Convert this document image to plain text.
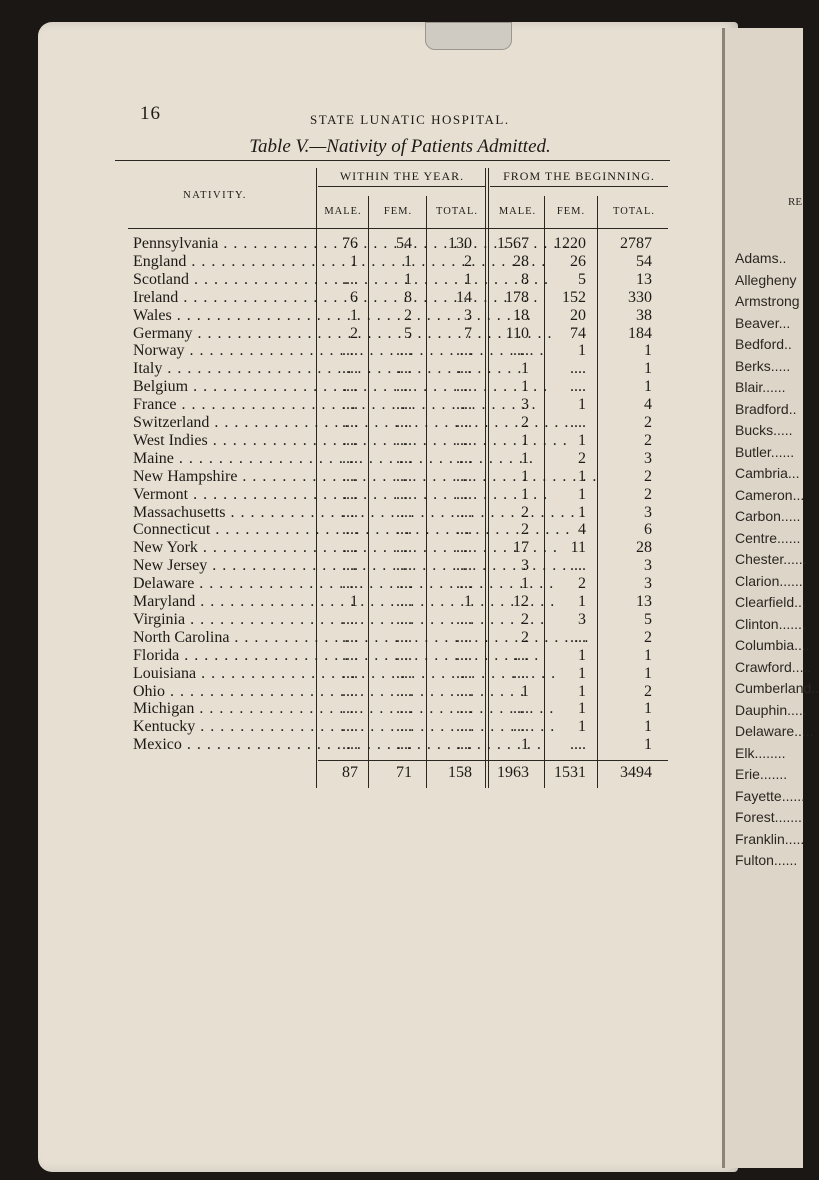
16	STATE LUNATIC HOSPITAL.
Table V.—Nativity of Patients Admitted.
WITHIN THE YEAR.	FROM THE BEGINNING.
NATIVITY.
MALE.	FEM.	TOTAL.	MALE.	FEM.	TOTAL.
Pennsylvania . . .	76	54	130	1567	1220	2787
England . . .	1	1	2	28	26	54
Scotland . . .	....	1	1	8	5	13
Ireland . . .	6	8	14	178	152	330
Wales . . .	1	2	3	18	20	38
Germany . . .	2	5	7	110	74	184
Norway . . .	....	....	....	....	1	1
Italy . . .	....	....	....	1	....	1
Belgium . . .	....	....	....	1	....	1
France . . .	....	....	....	3	1	4
Switzerland . . .	....	....	....	2	....	2
West Indies . . .	....	....	....	1	1	2
Maine . . .	....	....	....	1	2	3
New Hampshire . . .	....	....	....	1	1	2
Vermont . . .	....	....	....	1	1	2
Massachusetts . . .	....	....	....	2	1	3
Connecticut . . .	....	....	....	2	4	6
New York . . .	....	....	....	17	11	28
New Jersey . . .	....	....	....	3	....	3
Delaware . . .	....	....	....	1	2	3
Maryland . . .	1	....	1	12	1	13
Virginia . . .	....	....	....	2	3	5
North Carolina . . .	....	....	....	2	....	2
Florida . . .	....	....	....	....	1	1
Louisiana . . .	....	....	....	....	1	1
Ohio . . .	....	....	....	1	1	2
Michigan . . .	....	....	....	....	1	1
Kentucky . . .	....	....	....	....	1	1
Mexico . . .	....	....	....	1	....	1
87	71	158	1963	1531	3494
RE
Adams..
Allegheny
Armstrong
Beaver...
Bedford..
Berks.....
Blair......
Bradford..
Bucks.....
Butler......
Cambria...
Cameron...
Carbon.....
Centre......
Chester......
Clarion......
Clearfield...
Clinton.......
Columbia....
Crawford.....
Cumberland..
Dauphin.....
Delaware.....
Elk........
Erie.......
Fayette......
Forest.......
Franklin.....
Fulton......
